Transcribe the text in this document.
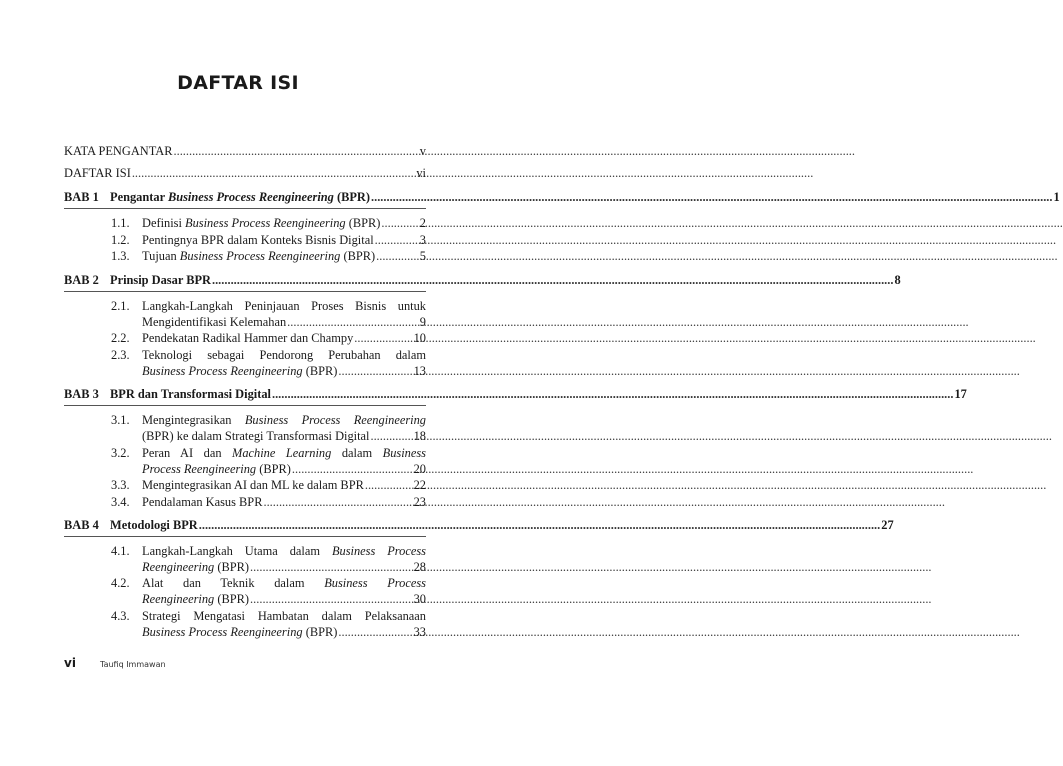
DAFTAR ISI
KATA PENGANTAR .....	v
DAFTAR ISI .....	vi
BAB 1 Pengantar Business Process Reengineering (BPR) .....	1
1.1.	Definisi Business Process Reengineering (BPR) .....	2
1.2.	Pentingnya BPR dalam Konteks Bisnis Digital .....	3
1.3.	Tujuan Business Process Reengineering (BPR) .....	5
BAB 2 Prinsip Dasar BPR .....	8
2.1.	Langkah-Langkah Peninjauan Proses Bisnis untuk
Mengidentifikasi Kelemahan .....	9
2.2.	Pendekatan Radikal Hammer dan Champy .....	10
2.3.	Teknologi sebagai Pendorong Perubahan dalam
Business Process Reengineering (BPR) .....	13
BAB 3 BPR dan Transformasi Digital .....	17
3.1.	Mengintegrasikan Business Process Reengineering
(BPR) ke dalam Strategi Transformasi Digital .....	18
3.2.	Peran AI dan Machine Learning dalam Business
Process Reengineering (BPR) .....	20
3.3.	Mengintegrasikan AI dan ML ke dalam BPR .....	22
3.4.	Pendalaman Kasus BPR .....	23
BAB 4 Metodologi BPR .....	27
4.1.	Langkah-Langkah Utama dalam Business Process
Reengineering (BPR) .....	28
4.2.	Alat dan Teknik dalam Business Process
Reengineering (BPR) .....	30
4.3.	Strategi Mengatasi Hambatan dalam Pelaksanaan
Business Process Reengineering (BPR) .....	33
vi	Taufiq Immawan
